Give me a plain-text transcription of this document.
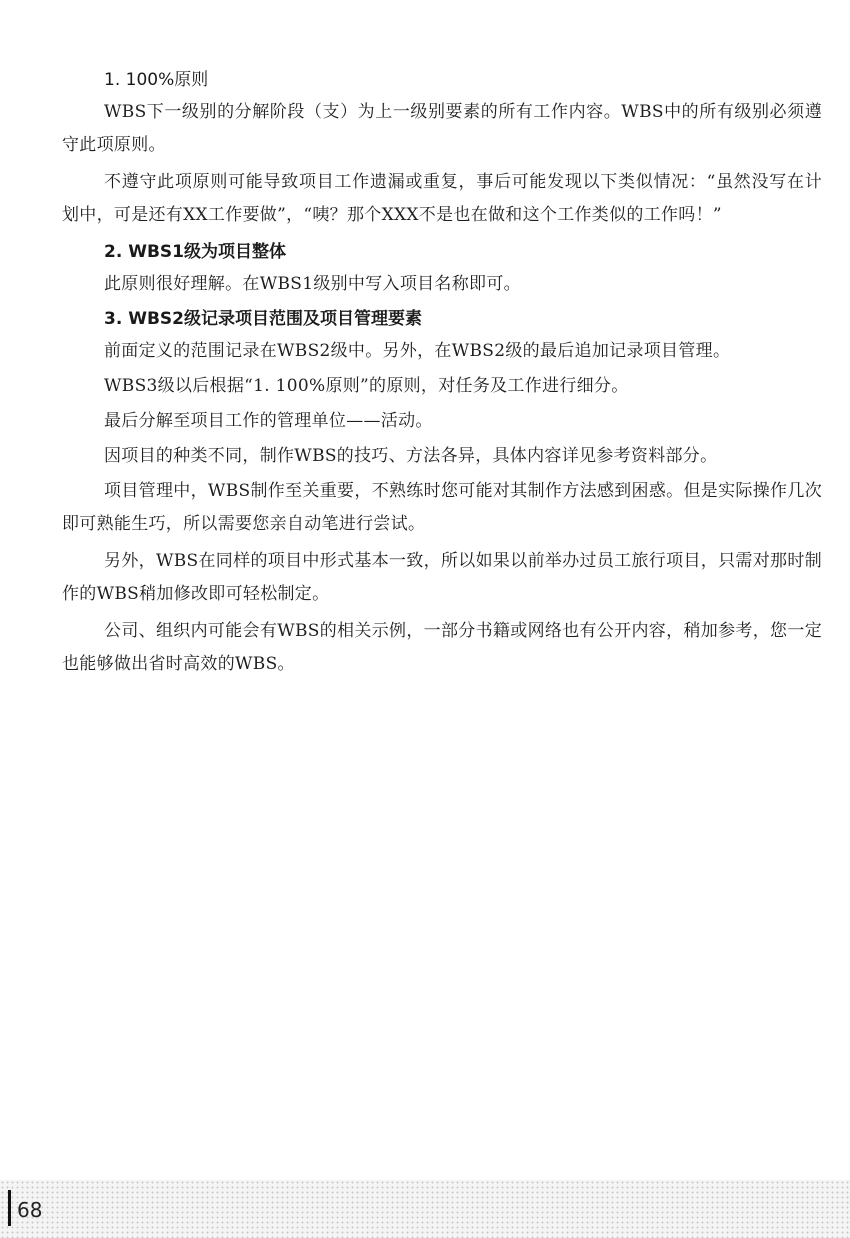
1. 100%原则

WBS下一级别的分解阶段（支）为上一级别要素的所有工作内容。WBS中的所有级别必须遵守此项原则。

不遵守此项原则可能导致项目工作遗漏或重复，事后可能发现以下类似情况：“虽然没写在计划中，可是还有XX工作要做”，“咦？那个XXX不是也在做和这个工作类似的工作吗！”

2. WBS1级为项目整体

此原则很好理解。在WBS1级别中写入项目名称即可。

3. WBS2级记录项目范围及项目管理要素

前面定义的范围记录在WBS2级中。另外，在WBS2级的最后追加记录项目管理。

WBS3级以后根据“1. 100%原则”的原则，对任务及工作进行细分。

最后分解至项目工作的管理单位——活动。

因项目的种类不同，制作WBS的技巧、方法各异，具体内容详见参考资料部分。

项目管理中，WBS制作至关重要，不熟练时您可能对其制作方法感到困惑。但是实际操作几次即可熟能生巧，所以需要您亲自动笔进行尝试。

另外，WBS在同样的项目中形式基本一致，所以如果以前举办过员工旅行项目，只需对那时制作的WBS稍加修改即可轻松制定。

公司、组织内可能会有WBS的相关示例，一部分书籍或网络也有公开内容，稍加参考，您一定也能够做出省时高效的WBS。

68
